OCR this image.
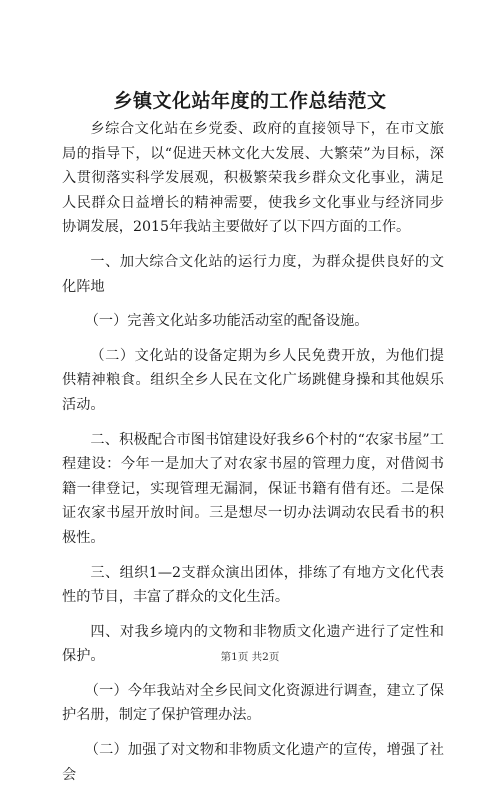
乡镇文化站年度的工作总结范文

乡综合文化站在乡党委、政府的直接领导下，在市文旅局的指导下，以“促进天林文化大发展、大繁荣”为目标，深入贯彻落实科学发展观，积极繁荣我乡群众文化事业，满足人民群众日益增长的精神需要，使我乡文化事业与经济同步协调发展，2015年我站主要做好了以下四方面的工作。

一、加大综合文化站的运行力度，为群众提供良好的文化阵地

（一）完善文化站多功能活动室的配备设施。

（二）文化站的设备定期为乡人民免费开放，为他们提供精神粮食。组织全乡人民在文化广场跳健身操和其他娱乐活动。

二、积极配合市图书馆建设好我乡6个村的“农家书屋”工程建设：今年一是加大了对农家书屋的管理力度，对借阅书籍一律登记，实现管理无漏洞，保证书籍有借有还。二是保证农家书屋开放时间。三是想尽一切办法调动农民看书的积极性。

三、组织1—2支群众演出团体，排练了有地方文化代表性的节目，丰富了群众的文化生活。

四、对我乡境内的文物和非物质文化遗产进行了定性和保护。

（一）今年我站对全乡民间文化资源进行调查，建立了保护名册，制定了保护管理办法。

（二）加强了对文物和非物质文化遗产的宣传，增强了社会

第1页 共2页
